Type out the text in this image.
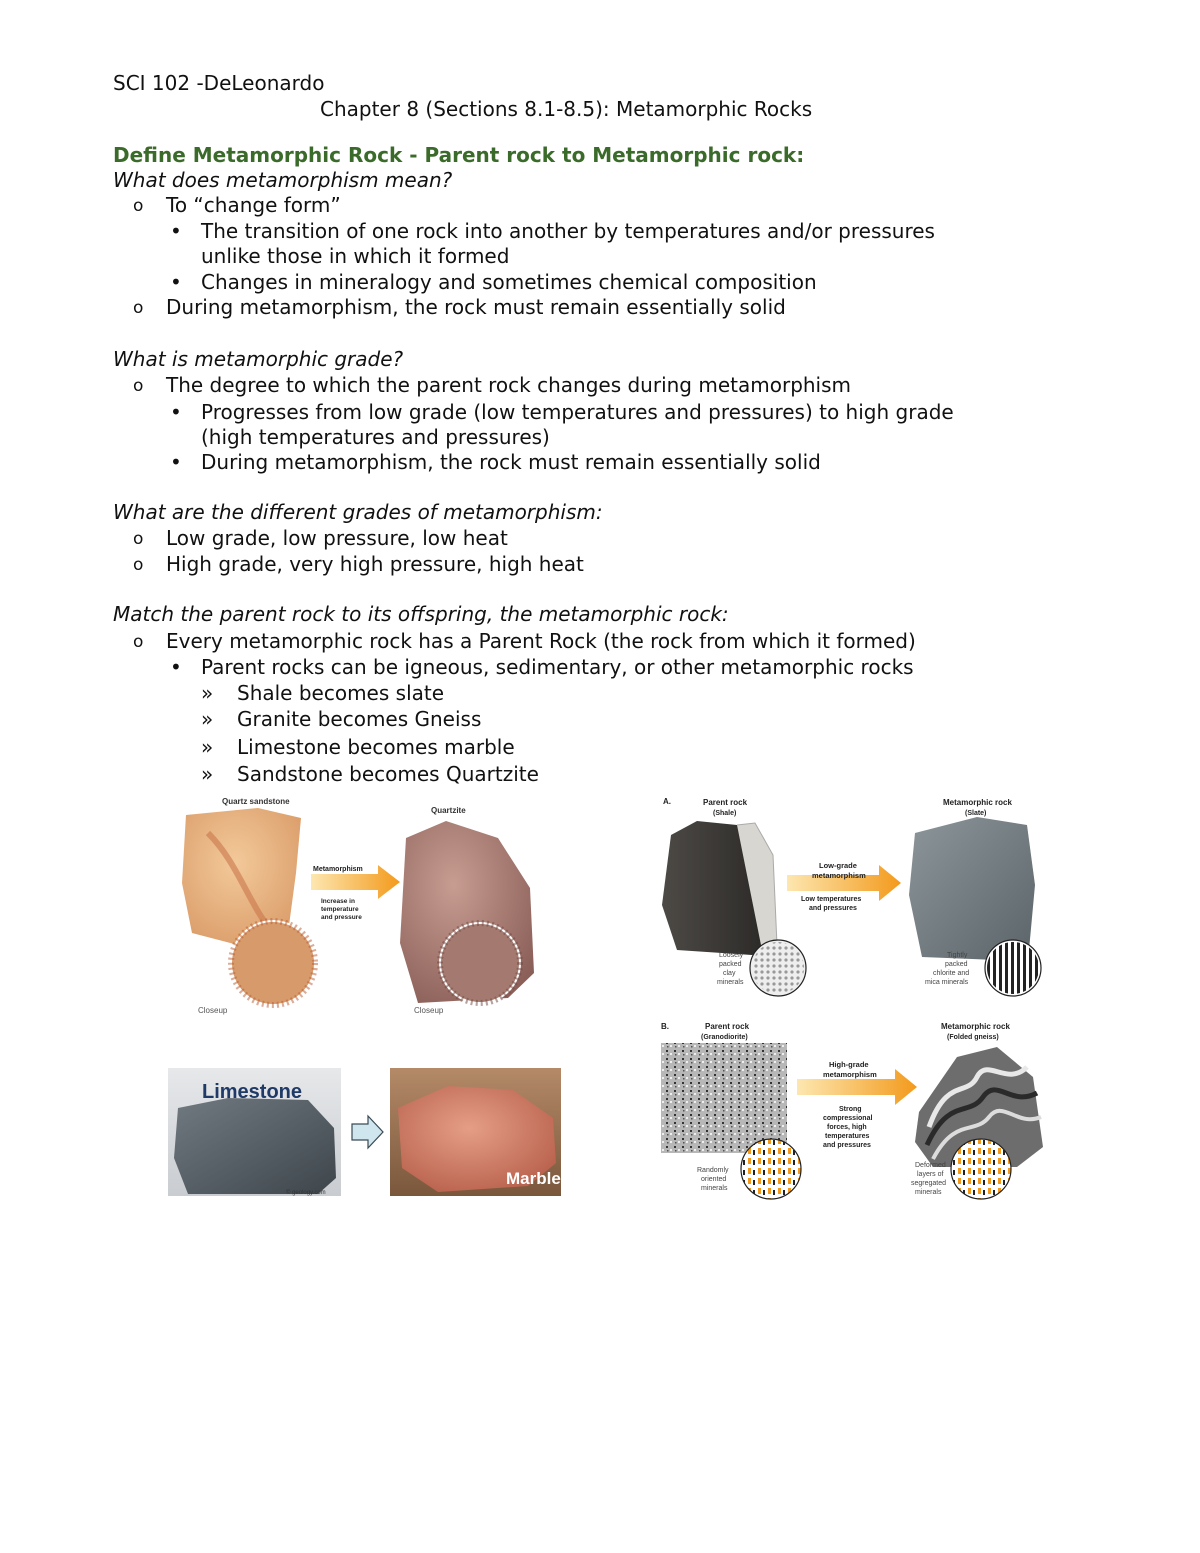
SCI 102 -DeLeonardo
Chapter 8 (Sections 8.1-8.5): Metamorphic Rocks
Define Metamorphic Rock - Parent rock to Metamorphic rock:
What does metamorphism mean?
o To “change form”
• The transition of one rock into another by temperatures and/or pressures
unlike those in which it formed
• Changes in mineralogy and sometimes chemical composition
o During metamorphism, the rock must remain essentially solid
What is metamorphic grade?
o The degree to which the parent rock changes during metamorphism
• Progresses from low grade (low temperatures and pressures) to high grade
(high temperatures and pressures)
• During metamorphism, the rock must remain essentially solid
What are the different grades of metamorphism:
o Low grade, low pressure, low heat
o High grade, very high pressure, high heat
Match the parent rock to its offspring, the metamorphic rock:
o Every metamorphic rock has a Parent Rock (the rock from which it formed)
• Parent rocks can be igneous, sedimentary, or other metamorphic rocks
» Shale becomes slate
» Granite becomes Gneiss
» Limestone becomes marble
» Sandstone becomes Quartzite
Quartz sandstone
Quartzite
Metamorphism
Increase in
temperature
and pressure
Closeup	Closeup
Limestone
© geology.com
Marble
A.	Parent rock
(Shale)
Metamorphic rock
(Slate)
Loosely
packed
clay
minerals
Low-grade
metamorphism
Low temperatures
and pressures
Tightly
packed
chlorite and
mica minerals
B.	Parent rock
(Granodiorite)
Metamorphic rock
(Folded gneiss)
Randomly
oriented
minerals
High-grade
metamorphism
Strong
compressional
forces, high
temperatures
and pressures
Deformed
layers of
segregated
minerals
